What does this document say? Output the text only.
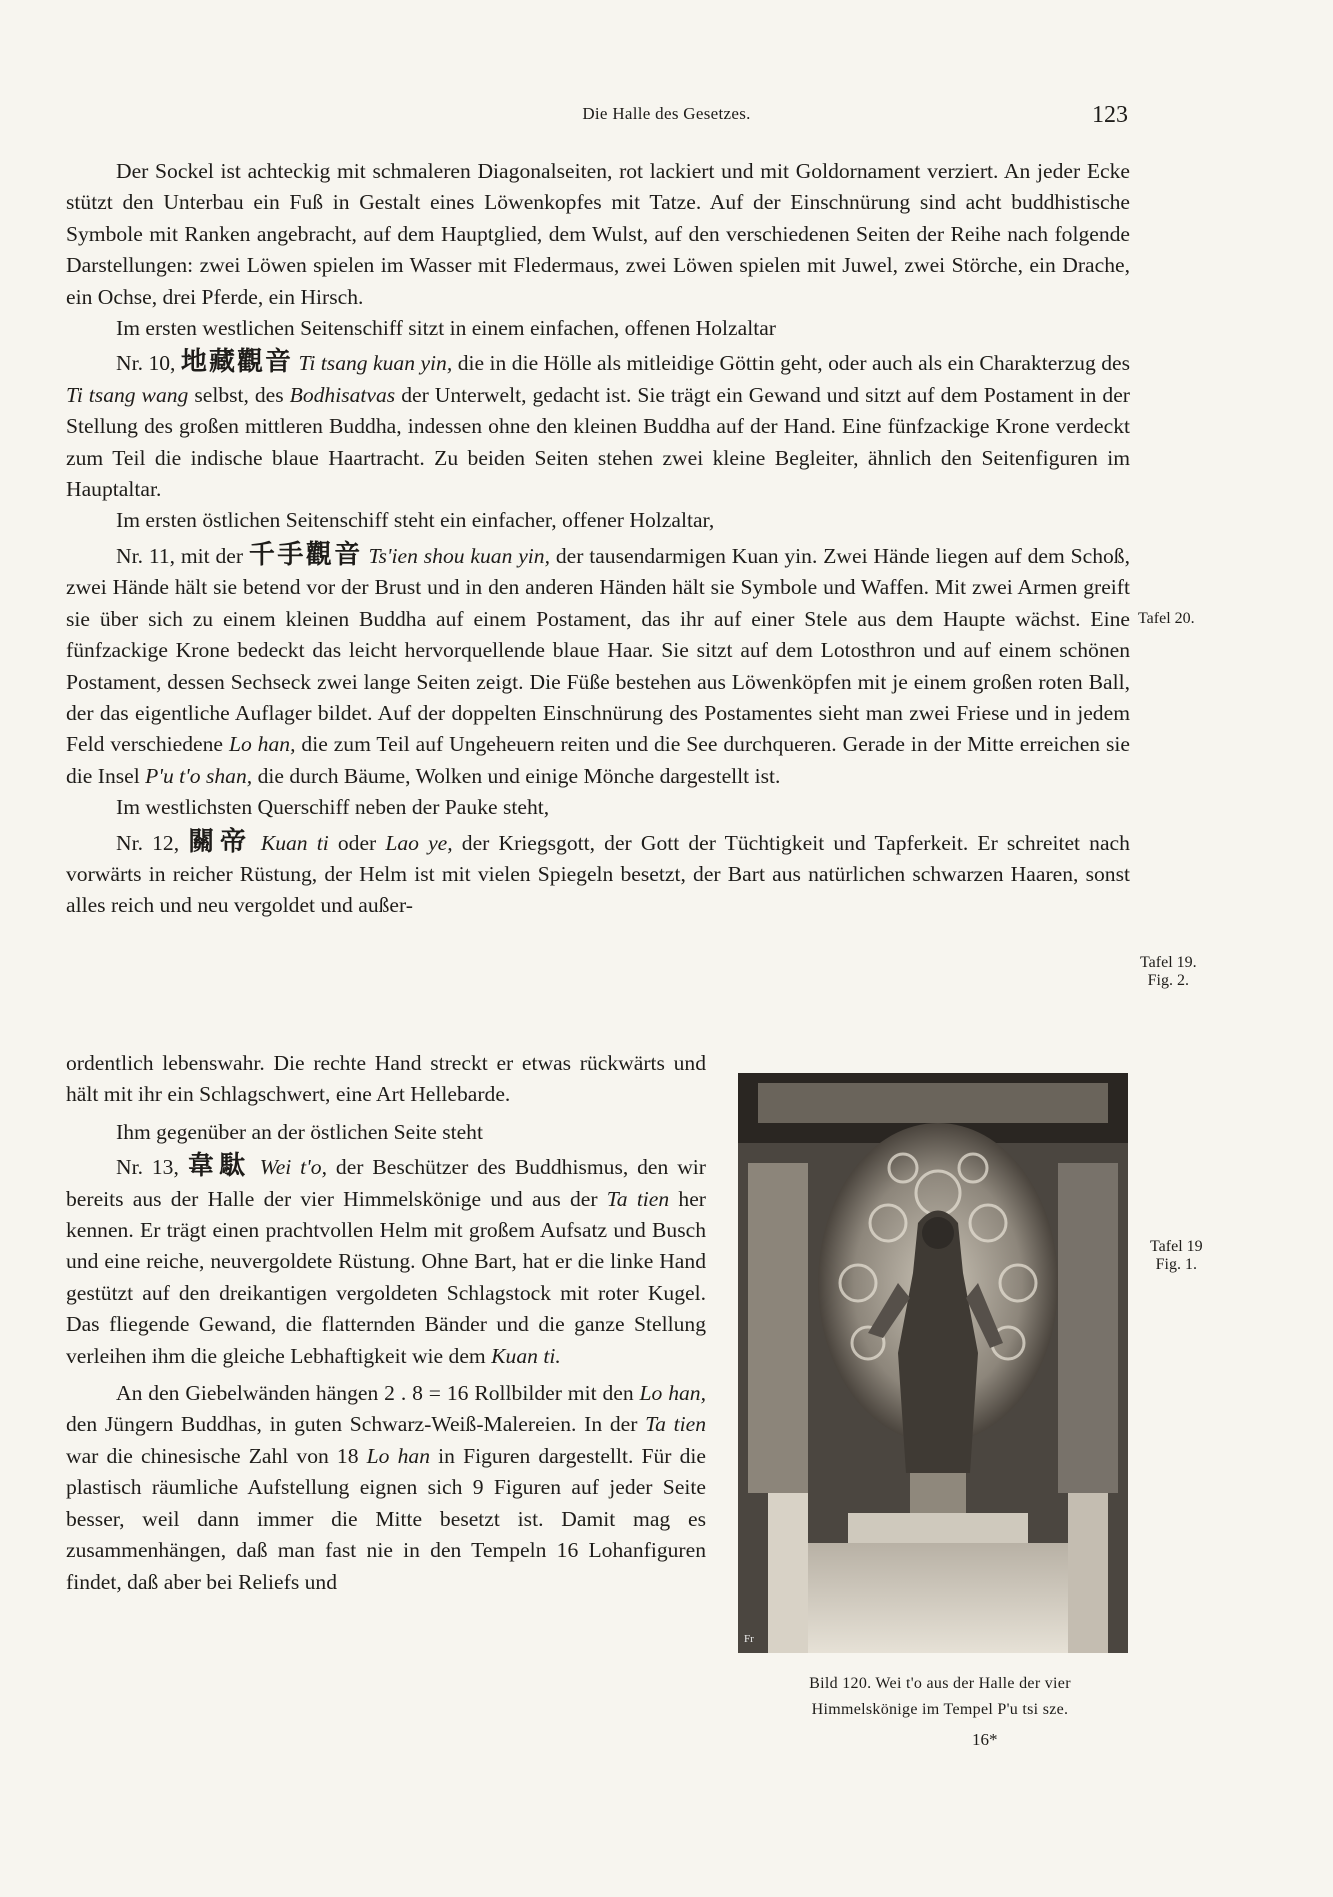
Die Halle des Gesetzes.	123

Der Sockel ist achteckig mit schmaleren Diagonalseiten, rot lackiert und mit Goldornament verziert. An jeder Ecke stützt den Unterbau ein Fuß in Gestalt eines Löwenkopfes mit Tatze. Auf der Einschnürung sind acht buddhistische Symbole mit Ranken angebracht, auf dem Hauptglied, dem Wulst, auf den verschiedenen Seiten der Reihe nach folgende Darstellungen: zwei Löwen spielen im Wasser mit Fledermaus, zwei Löwen spielen mit Juwel, zwei Störche, ein Drache, ein Ochse, drei Pferde, ein Hirsch.

Im ersten westlichen Seitenschiff sitzt in einem einfachen, offenen Holzaltar

Nr. 10, 地藏觀音 Ti tsang kuan yin, die in die Hölle als mitleidige Göttin geht, oder auch als ein Charakterzug des Ti tsang wang selbst, des Bodhisatvas der Unterwelt, gedacht ist. Sie trägt ein Gewand und sitzt auf dem Postament in der Stellung des großen mittleren Buddha, indessen ohne den kleinen Buddha auf der Hand. Eine fünfzackige Krone verdeckt zum Teil die indische blaue Haartracht. Zu beiden Seiten stehen zwei kleine Begleiter, ähnlich den Seitenfiguren im Hauptaltar.

Im ersten östlichen Seitenschiff steht ein einfacher, offener Holzaltar,

Nr. 11, mit der 千手觀音 Ts'ien shou kuan yin, der tausendarmigen Kuan yin. Zwei Hände liegen auf dem Schoß, zwei Hände hält sie betend vor der Brust und in den anderen Händen hält sie Symbole und Waffen. Mit zwei Armen greift sie über sich zu einem kleinen Buddha auf einem Postament, das ihr auf einer Stele aus dem Haupte wächst. Eine fünfzackige Krone bedeckt das leicht hervorquellende blaue Haar. Sie sitzt auf dem Lotosthron und auf einem schönen Postament, dessen Sechseck zwei lange Seiten zeigt. Die Füße bestehen aus Löwenköpfen mit je einem großen roten Ball, der das eigentliche Auflager bildet. Auf der doppelten Einschnürung des Postamentes sieht man zwei Friese und in jedem Feld verschiedene Lo han, die zum Teil auf Ungeheuern reiten und die See durchqueren. Gerade in der Mitte erreichen sie die Insel P'u t'o shan, die durch Bäume, Wolken und einige Mönche dargestellt ist.

Im westlichsten Querschiff neben der Pauke steht,

Nr. 12, 關帝 Kuan ti oder Lao ye, der Kriegsgott, der Gott der Tüchtigkeit und Tapferkeit. Er schreitet nach vorwärts in reicher Rüstung, der Helm ist mit vielen Spiegeln besetzt, der Bart aus natürlichen schwarzen Haaren, sonst alles reich und neu vergoldet und außer-

ordentlich lebenswahr. Die rechte Hand streckt er etwas rückwärts und hält mit ihr ein Schlagschwert, eine Art Hellebarde.

Ihm gegenüber an der östlichen Seite steht

Nr. 13, 韋駄 Wei t'o, der Beschützer des Buddhismus, den wir bereits aus der Halle der vier Himmelskönige und aus der Ta tien her kennen. Er trägt einen prachtvollen Helm mit großem Aufsatz und Busch und eine reiche, neuvergoldete Rüstung. Ohne Bart, hat er die linke Hand gestützt auf den dreikantigen vergoldeten Schlagstock mit roter Kugel. Das fliegende Gewand, die flatternden Bänder und die ganze Stellung verleihen ihm die gleiche Lebhaftigkeit wie dem Kuan ti.

An den Giebelwänden hängen 2 . 8 = 16 Rollbilder mit den Lo han, den Jüngern Buddhas, in guten Schwarz-Weiß-Malereien. In der Ta tien war die chinesische Zahl von 18 Lo han in Figuren dargestellt. Für die plastisch räumliche Aufstellung eignen sich 9 Figuren auf jeder Seite besser, weil dann immer die Mitte besetzt ist. Damit mag es zusammenhängen, daß man fast nie in den Tempeln 16 Lohanfiguren findet, daß aber bei Reliefs und

Tafel 20.
Tafel 19.
Fig. 2.
Tafel 19
Fig. 1.
Fr
Bild 120. Wei t'o aus der Halle der vier
Himmelskönige im Tempel P'u tsi sze.
16*
